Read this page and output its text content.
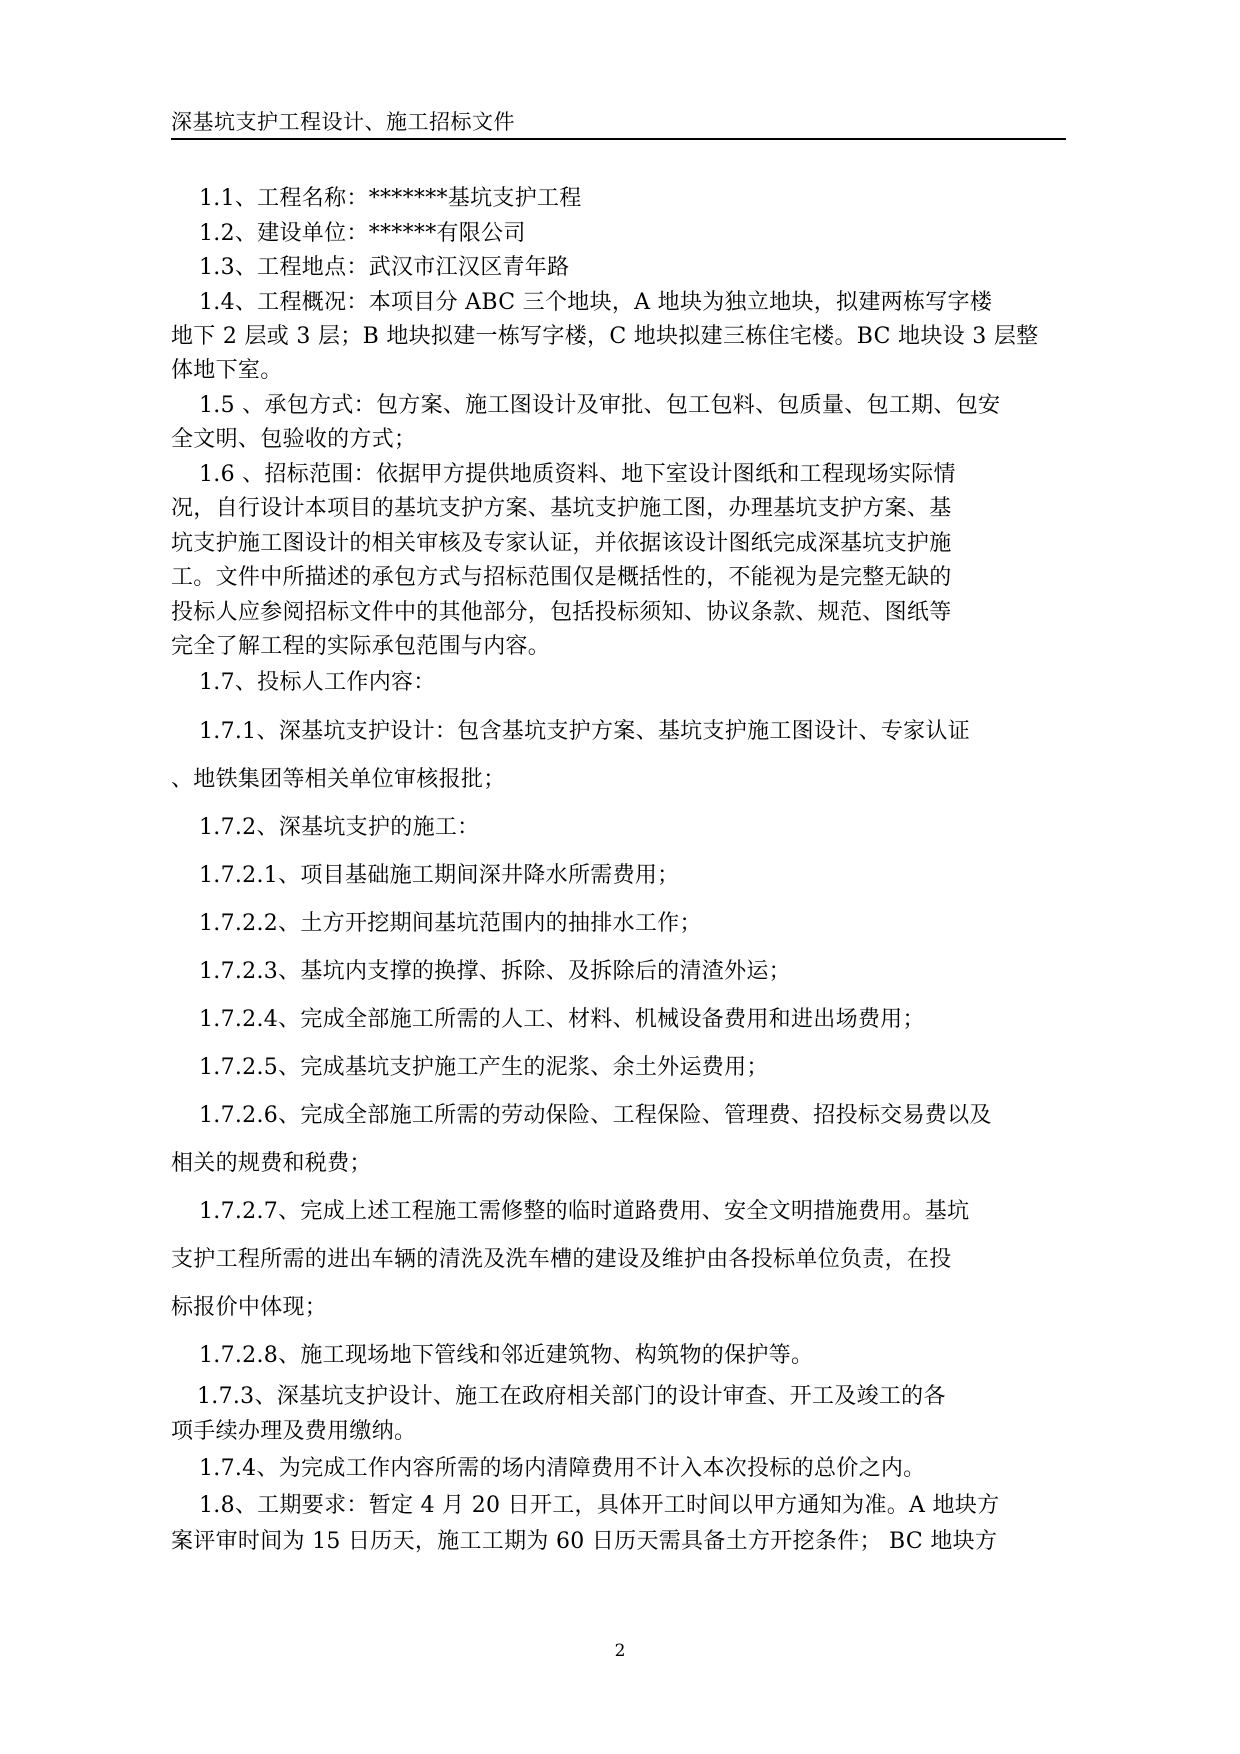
深基坑支护工程设计、施工招标文件
1.1、工程名称：*******基坑支护工程
1.2、建设单位：******有限公司
1.3、工程地点：武汉市江汉区青年路
1.4、工程概况：本项目分 ABC 三个地块，A 地块为独立地块，拟建两栋写字楼
地下 2 层或 3 层；B 地块拟建一栋写字楼，C 地块拟建三栋住宅楼。BC 地块设 3 层整
体地下室。
1.5 、承包方式：包方案、施工图设计及审批、包工包料、包质量、包工期、包安
全文明、包验收的方式；
1.6 、招标范围：依据甲方提供地质资料、地下室设计图纸和工程现场实际情
况，自行设计本项目的基坑支护方案、基坑支护施工图，办理基坑支护方案、基
坑支护施工图设计的相关审核及专家认证，并依据该设计图纸完成深基坑支护施
工。文件中所描述的承包方式与招标范围仅是概括性的，不能视为是完整无缺的
投标人应参阅招标文件中的其他部分，包括投标须知、协议条款、规范、图纸等
完全了解工程的实际承包范围与内容。
1.7、投标人工作内容：
1.7.1、深基坑支护设计：包含基坑支护方案、基坑支护施工图设计、专家认证
、地铁集团等相关单位审核报批；
1.7.2、深基坑支护的施工：
1.7.2.1、项目基础施工期间深井降水所需费用；
1.7.2.2、土方开挖期间基坑范围内的抽排水工作；
1.7.2.3、基坑内支撑的换撑、拆除、及拆除后的清渣外运；
1.7.2.4、完成全部施工所需的人工、材料、机械设备费用和进出场费用；
1.7.2.5、完成基坑支护施工产生的泥浆、余土外运费用；
1.7.2.6、完成全部施工所需的劳动保险、工程保险、管理费、招投标交易费以及
相关的规费和税费；
1.7.2.7、完成上述工程施工需修整的临时道路费用、安全文明措施费用。基坑
支护工程所需的进出车辆的清洗及洗车槽的建设及维护由各投标单位负责，在投
标报价中体现；
1.7.2.8、施工现场地下管线和邻近建筑物、构筑物的保护等。
1.7.3、深基坑支护设计、施工在政府相关部门的设计审查、开工及竣工的各
项手续办理及费用缴纳。
1.7.4、为完成工作内容所需的场内清障费用不计入本次投标的总价之内。
1.8、工期要求：暂定 4 月 20 日开工，具体开工时间以甲方通知为准。A 地块方
案评审时间为 15 日历天，施工工期为 60 日历天需具备土方开挖条件； BC 地块方
2
